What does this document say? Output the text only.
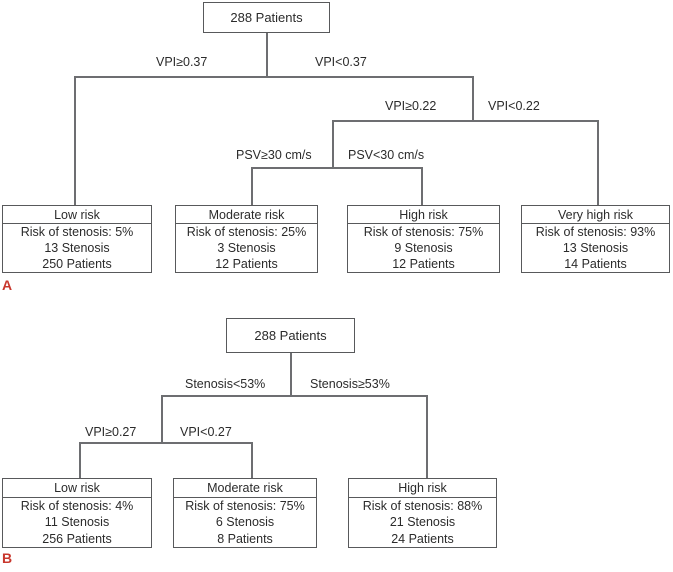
288 Patients
VPI≥0.37	VPI<0.37
VPI≥0.22	VPI<0.22
PSV≥30 cm/s	PSV<30 cm/s
Low risk
Risk of stenosis: 5%
13 Stenosis
250 Patients
Moderate risk
Risk of stenosis: 25%
3 Stenosis
12 Patients
High risk
Risk of stenosis: 75%
9 Stenosis
12 Patients
Very high risk
Risk of stenosis: 93%
13 Stenosis
14 Patients
A
288 Patients
Stenosis<53%	Stenosis≥53%
VPI≥0.27	VPI<0.27
Low risk
Risk of stenosis: 4%
11 Stenosis
256 Patients
Moderate risk
Risk of stenosis: 75%
6 Stenosis
8 Patients
High risk
Risk of stenosis: 88%
21 Stenosis
24 Patients
B
